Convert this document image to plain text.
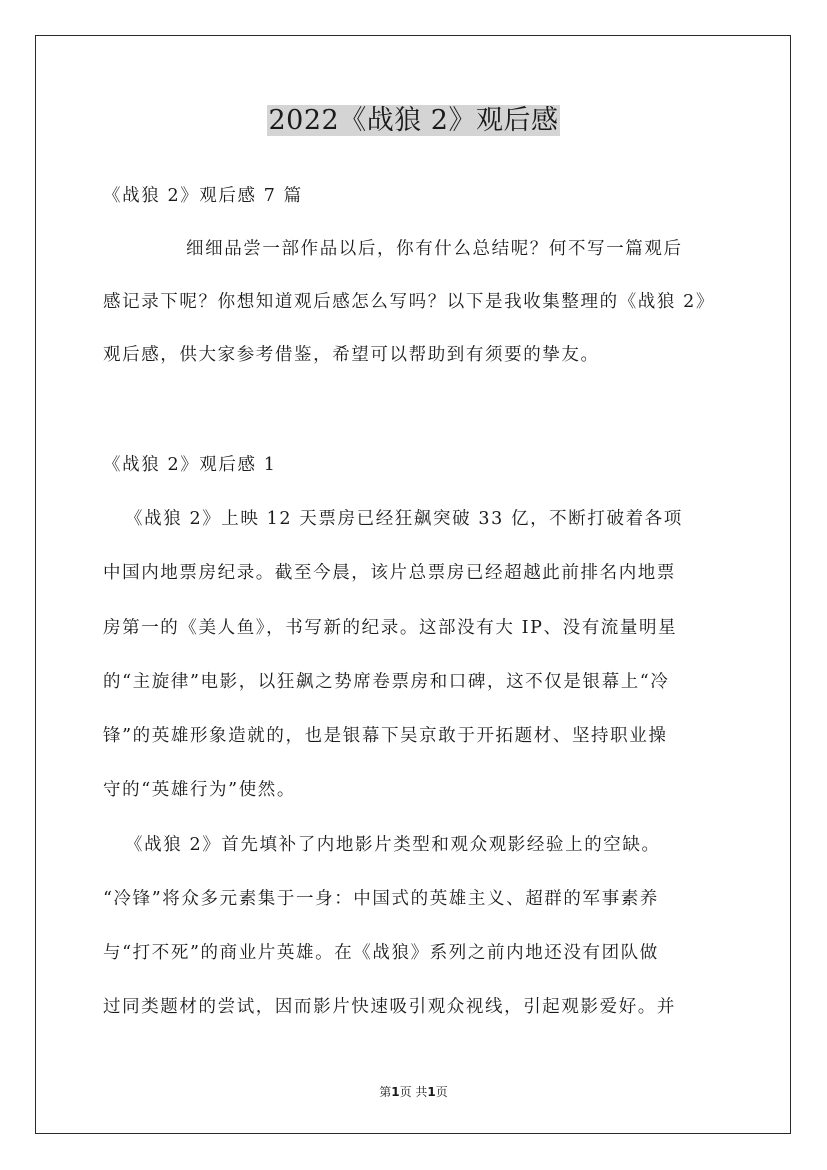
2022《战狼 2》观后感
《战狼 2》观后感 7 篇
细细品尝一部作品以后，你有什么总结呢？何不写一篇观后
感记录下呢？你想知道观后感怎么写吗？以下是我收集整理的《战狼 2》
观后感，供大家参考借鉴，希望可以帮助到有须要的挚友。
《战狼 2》观后感 1
《战狼 2》上映 12 天票房已经狂飙突破 33 亿，不断打破着各项
中国内地票房纪录。截至今晨，该片总票房已经超越此前排名内地票
房第一的《美人鱼》，书写新的纪录。这部没有大 IP、没有流量明星
的“主旋律”电影，以狂飙之势席卷票房和口碑，这不仅是银幕上“冷
锋”的英雄形象造就的，也是银幕下吴京敢于开拓题材、坚持职业操
守的“英雄行为”使然。
《战狼 2》首先填补了内地影片类型和观众观影经验上的空缺。
“冷锋”将众多元素集于一身：中国式的英雄主义、超群的军事素养
与“打不死”的商业片英雄。在《战狼》系列之前内地还没有团队做
过同类题材的尝试，因而影片快速吸引观众视线，引起观影爱好。并
第1页 共1页
